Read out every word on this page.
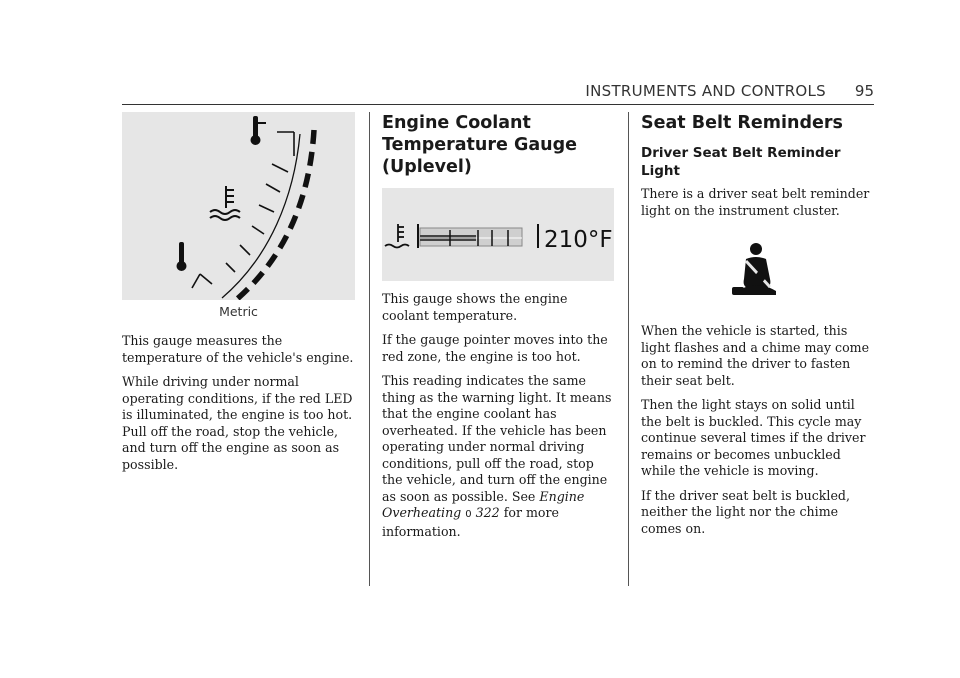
INSTRUMENTS AND CONTROLS 95
Metric

This gauge measures the temperature of the vehicle's engine.

While driving under normal operating conditions, if the red LED is illuminated, the engine is too hot. Pull off the road, stop the vehicle, and turn off the engine as soon as possible.

Engine Coolant Temperature Gauge (Uplevel)
210°F

This gauge shows the engine coolant temperature.

If the gauge pointer moves into the red zone, the engine is too hot.

This reading indicates the same thing as the warning light. It means that the engine coolant has overheated. If the vehicle has been operating under normal driving conditions, pull off the road, stop the vehicle, and turn off the engine as soon as possible. See Engine Overheating 0 322 for more information.

Seat Belt Reminders
Driver Seat Belt Reminder Light

There is a driver seat belt reminder light on the instrument cluster.

When the vehicle is started, this light flashes and a chime may come on to remind the driver to fasten their seat belt.

Then the light stays on solid until the belt is buckled. This cycle may continue several times if the driver remains or becomes unbuckled while the vehicle is moving.

If the driver seat belt is buckled, neither the light nor the chime comes on.
